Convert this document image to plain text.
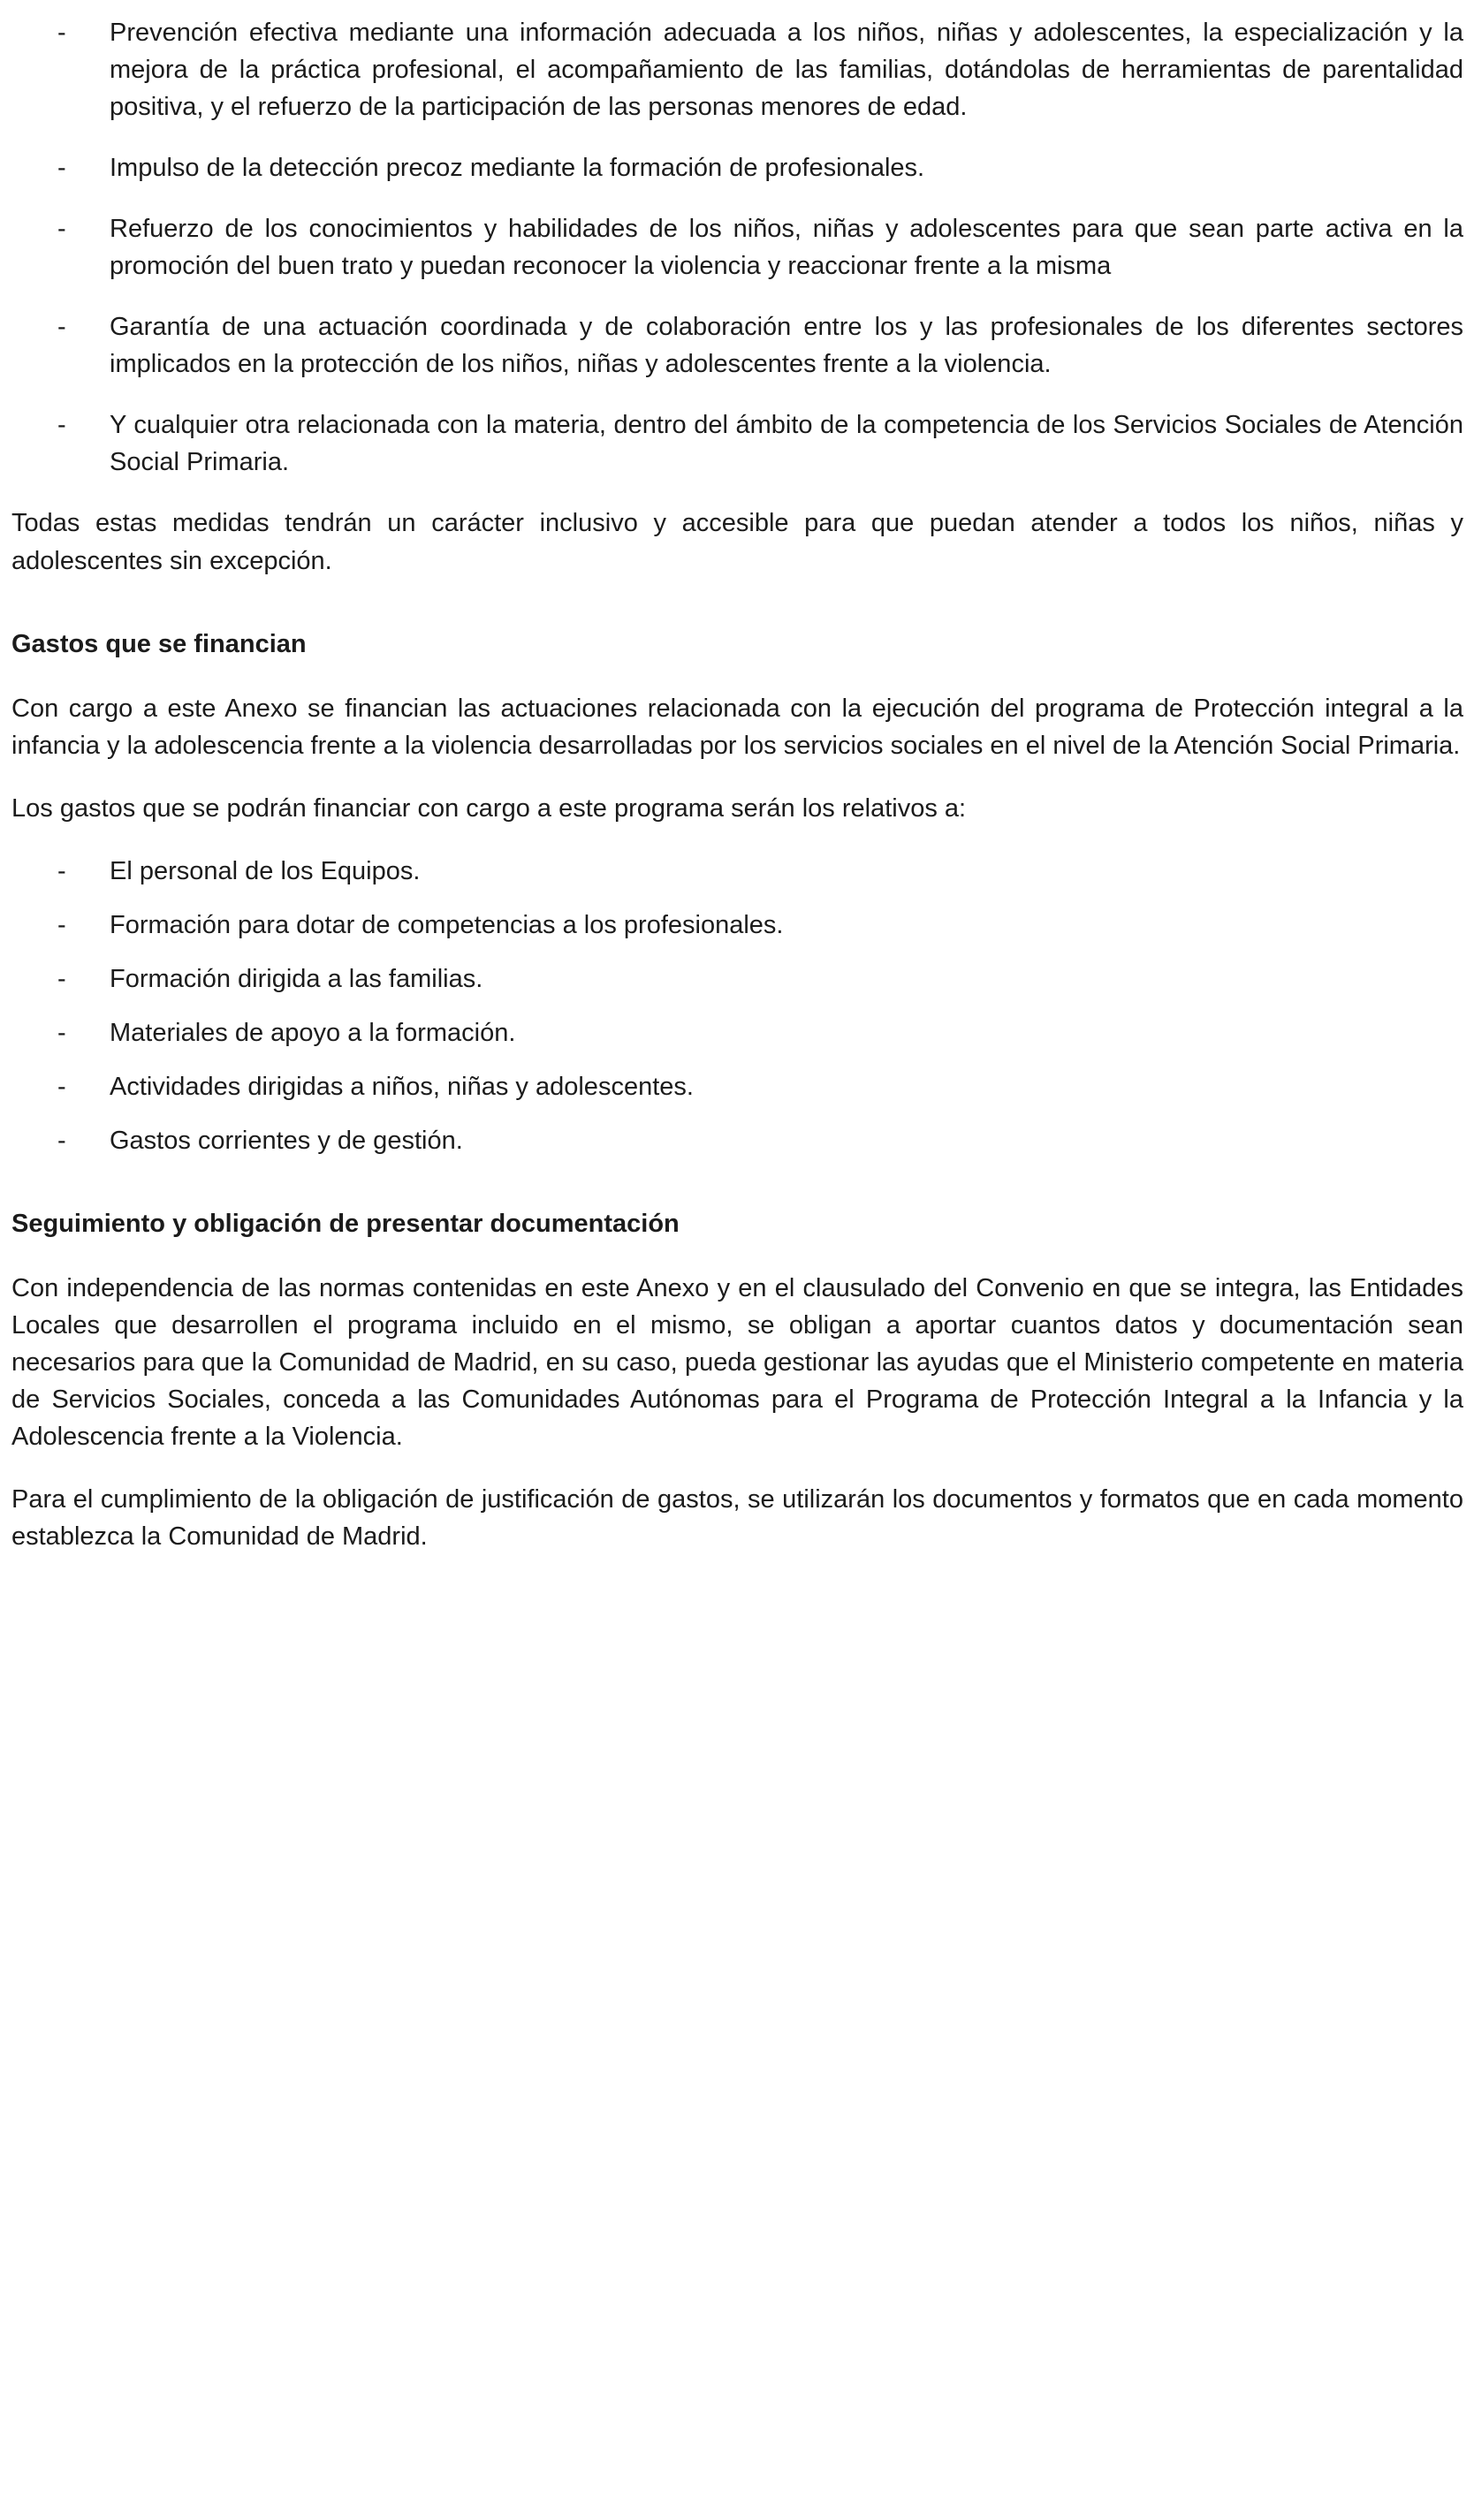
- Prevención efectiva mediante una información adecuada a los niños, niñas y adolescentes, la especialización y la mejora de la práctica profesional, el acompañamiento de las familias, dotándolas de herramientas de parentalidad positiva, y el refuerzo de la participación de las personas menores de edad.
- Impulso de la detección precoz mediante la formación de profesionales.
- Refuerzo de los conocimientos y habilidades de los niños, niñas y adolescentes para que sean parte activa en la promoción del buen trato y puedan reconocer la violencia y reaccionar frente a la misma
- Garantía de una actuación coordinada y de colaboración entre los y las profesionales de los diferentes sectores implicados en la protección de los niños, niñas y adolescentes frente a la violencia.
- Y cualquier otra relacionada con la materia, dentro del ámbito de la competencia de los Servicios Sociales de Atención Social Primaria.

Todas estas medidas tendrán un carácter inclusivo y accesible para que puedan atender a todos los niños, niñas y adolescentes sin excepción.

Gastos que se financian

Con cargo a este Anexo se financian las actuaciones relacionada con la ejecución del programa de Protección integral a la infancia y la adolescencia frente a la violencia desarrolladas por los servicios sociales en el nivel de la Atención Social Primaria.

Los gastos que se podrán financiar con cargo a este programa serán los relativos a:

- El personal de los Equipos.
- Formación para dotar de competencias a los profesionales.
- Formación dirigida a las familias.
- Materiales de apoyo a la formación.
- Actividades dirigidas a niños, niñas y adolescentes.
- Gastos corrientes y de gestión.
Seguimiento y obligación de presentar documentación

Con independencia de las normas contenidas en este Anexo y en el clausulado del Convenio en que se integra, las Entidades Locales que desarrollen el programa incluido en el mismo, se obligan a aportar cuantos datos y documentación sean necesarios para que la Comunidad de Madrid, en su caso, pueda gestionar las ayudas que el Ministerio competente en materia de Servicios Sociales, conceda a las Comunidades Autónomas para el Programa de Protección Integral a la Infancia y la Adolescencia frente a la Violencia.

Para el cumplimiento de la obligación de justificación de gastos, se utilizarán los documentos y formatos que en cada momento establezca la Comunidad de Madrid.
